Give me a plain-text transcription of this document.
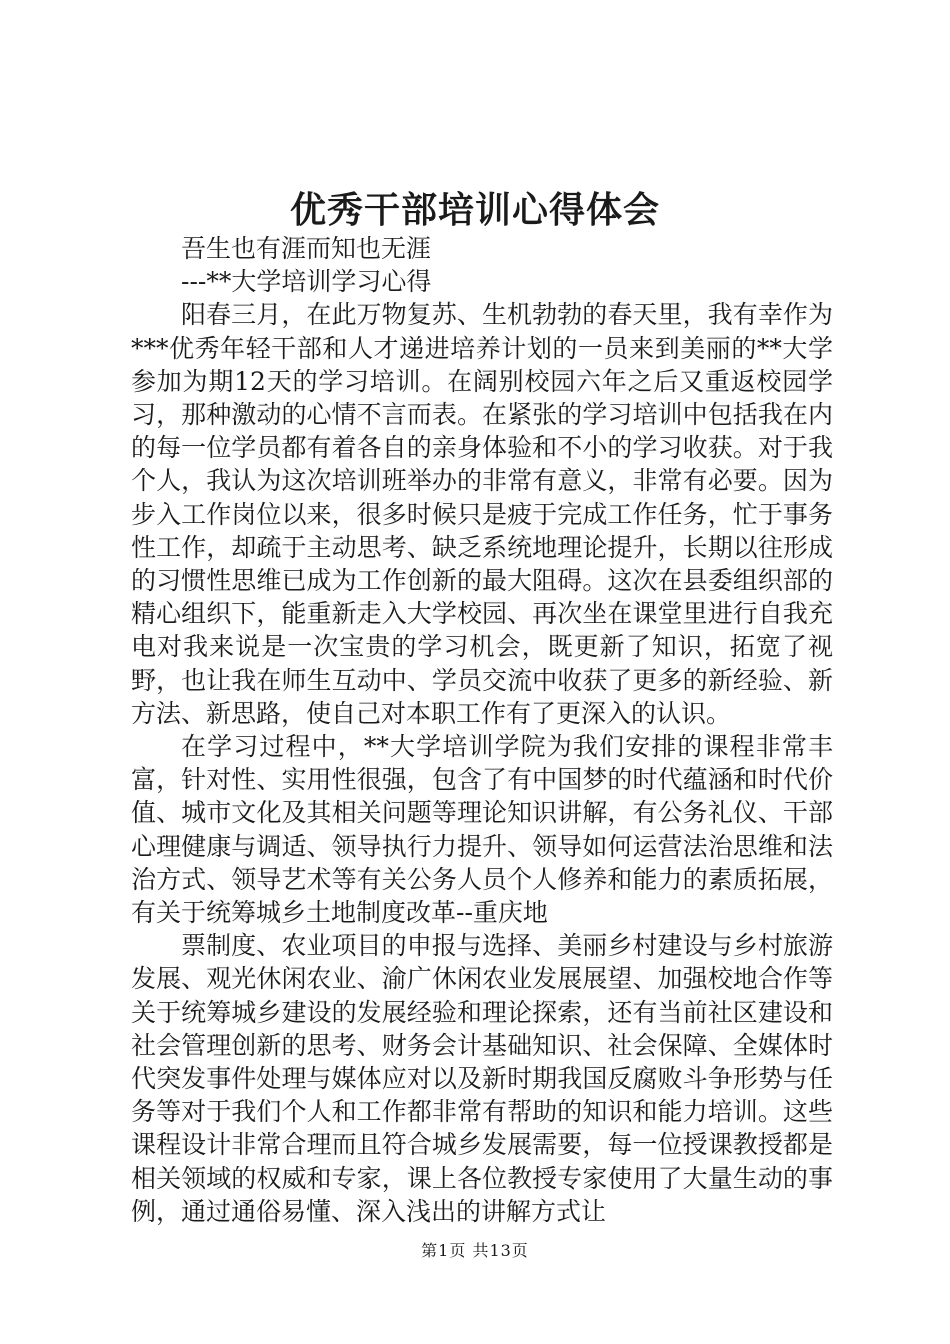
优秀干部培训心得体会

吾生也有涯而知也无涯

---**大学培训学习心得

阳春三月，在此万物复苏、生机勃勃的春天里，我有幸作为***优秀年轻干部和人才递进培养计划的一员来到美丽的**大学参加为期12天的学习培训。在阔别校园六年之后又重返校园学习，那种激动的心情不言而表。在紧张的学习培训中包括我在内的每一位学员都有着各自的亲身体验和不小的学习收获。对于我个人，我认为这次培训班举办的非常有意义，非常有必要。因为步入工作岗位以来，很多时候只是疲于完成工作任务，忙于事务性工作，却疏于主动思考、缺乏系统地理论提升，长期以往形成的习惯性思维已成为工作创新的最大阻碍。这次在县委组织部的精心组织下，能重新走入大学校园、再次坐在课堂里进行自我充电对我来说是一次宝贵的学习机会，既更新了知识，拓宽了视野，也让我在师生互动中、学员交流中收获了更多的新经验、新方法、新思路，使自己对本职工作有了更深入的认识。

在学习过程中，**大学培训学院为我们安排的课程非常丰富，针对性、实用性很强，包含了有中国梦的时代蕴涵和时代价值、城市文化及其相关问题等理论知识讲解，有公务礼仪、干部心理健康与调适、领导执行力提升、领导如何运营法治思维和法治方式、领导艺术等有关公务人员个人修养和能力的素质拓展，有关于统筹城乡土地制度改革--重庆地

票制度、农业项目的申报与选择、美丽乡村建设与乡村旅游发展、观光休闲农业、渝广休闲农业发展展望、加强校地合作等关于统筹城乡建设的发展经验和理论探索，还有当前社区建设和社会管理创新的思考、财务会计基础知识、社会保障、全媒体时代突发事件处理与媒体应对以及新时期我国反腐败斗争形势与任务等对于我们个人和工作都非常有帮助的知识和能力培训。这些课程设计非常合理而且符合城乡发展需要，每一位授课教授都是相关领域的权威和专家，课上各位教授专家使用了大量生动的事例，通过通俗易懂、深入浅出的讲解方式让

第1页 共13页
